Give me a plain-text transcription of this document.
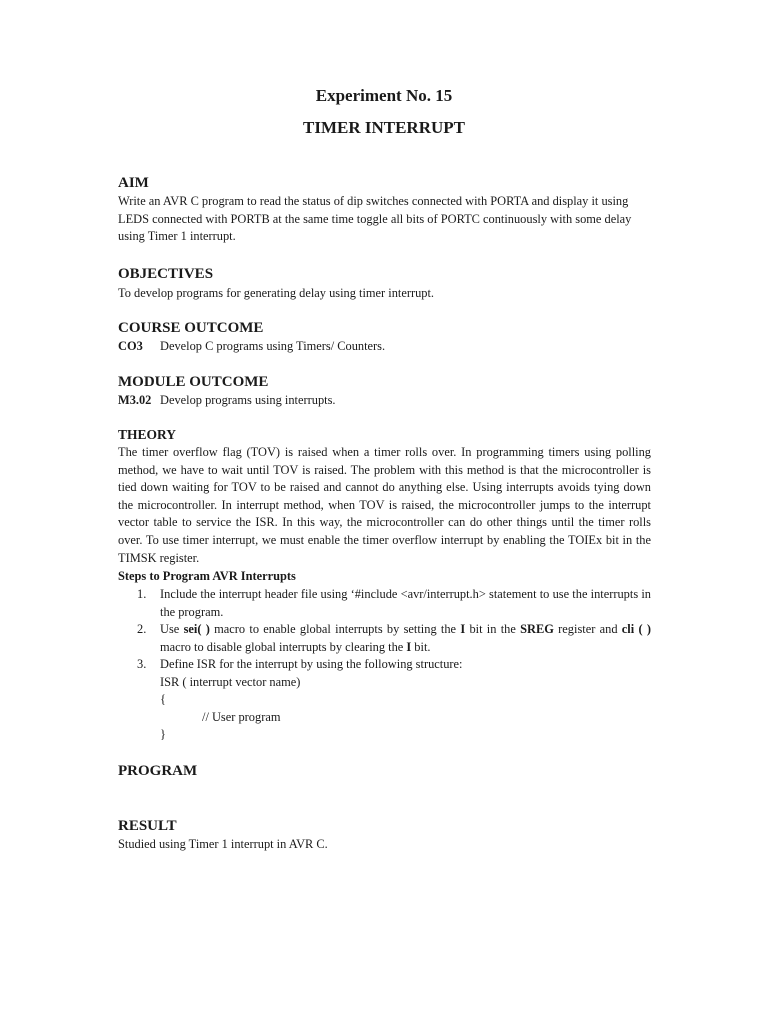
Experiment No. 15
TIMER INTERRUPT
AIM
Write an AVR C program to read the status of dip switches connected with PORTA and display it using LEDS connected with PORTB at the same time toggle all bits of PORTC continuously with some delay using Timer 1 interrupt.
OBJECTIVES
To develop programs for generating delay using timer interrupt.
COURSE OUTCOME
CO3 Develop C programs using Timers/ Counters.
MODULE OUTCOME
M3.02 Develop programs using interrupts.
THEORY
The timer overflow flag (TOV) is raised when a timer rolls over. In programming timers using polling method, we have to wait until TOV is raised. The problem with this method is that the microcontroller is tied down waiting for TOV to be raised and cannot do anything else. Using interrupts avoids tying down the microcontroller. In interrupt method, when TOV is raised, the microcontroller jumps to the interrupt vector table to service the ISR. In this way, the microcontroller can do other things until the timer rolls over. To use timer interrupt, we must enable the timer overflow interrupt by enabling the TOIEx bit in the TIMSK register.
Steps to Program AVR Interrupts
1. Include the interrupt header file using ‘#include <avr/interrupt.h> statement to use the interrupts in the program.
2. Use sei( ) macro to enable global interrupts by setting the I bit in the SREG register and cli ( ) macro to disable global interrupts by clearing the I bit.
3. Define ISR for the interrupt by using the following structure:
ISR ( interrupt vector name)
{
// User program
}
PROGRAM
RESULT
Studied using Timer 1 interrupt in AVR C.
